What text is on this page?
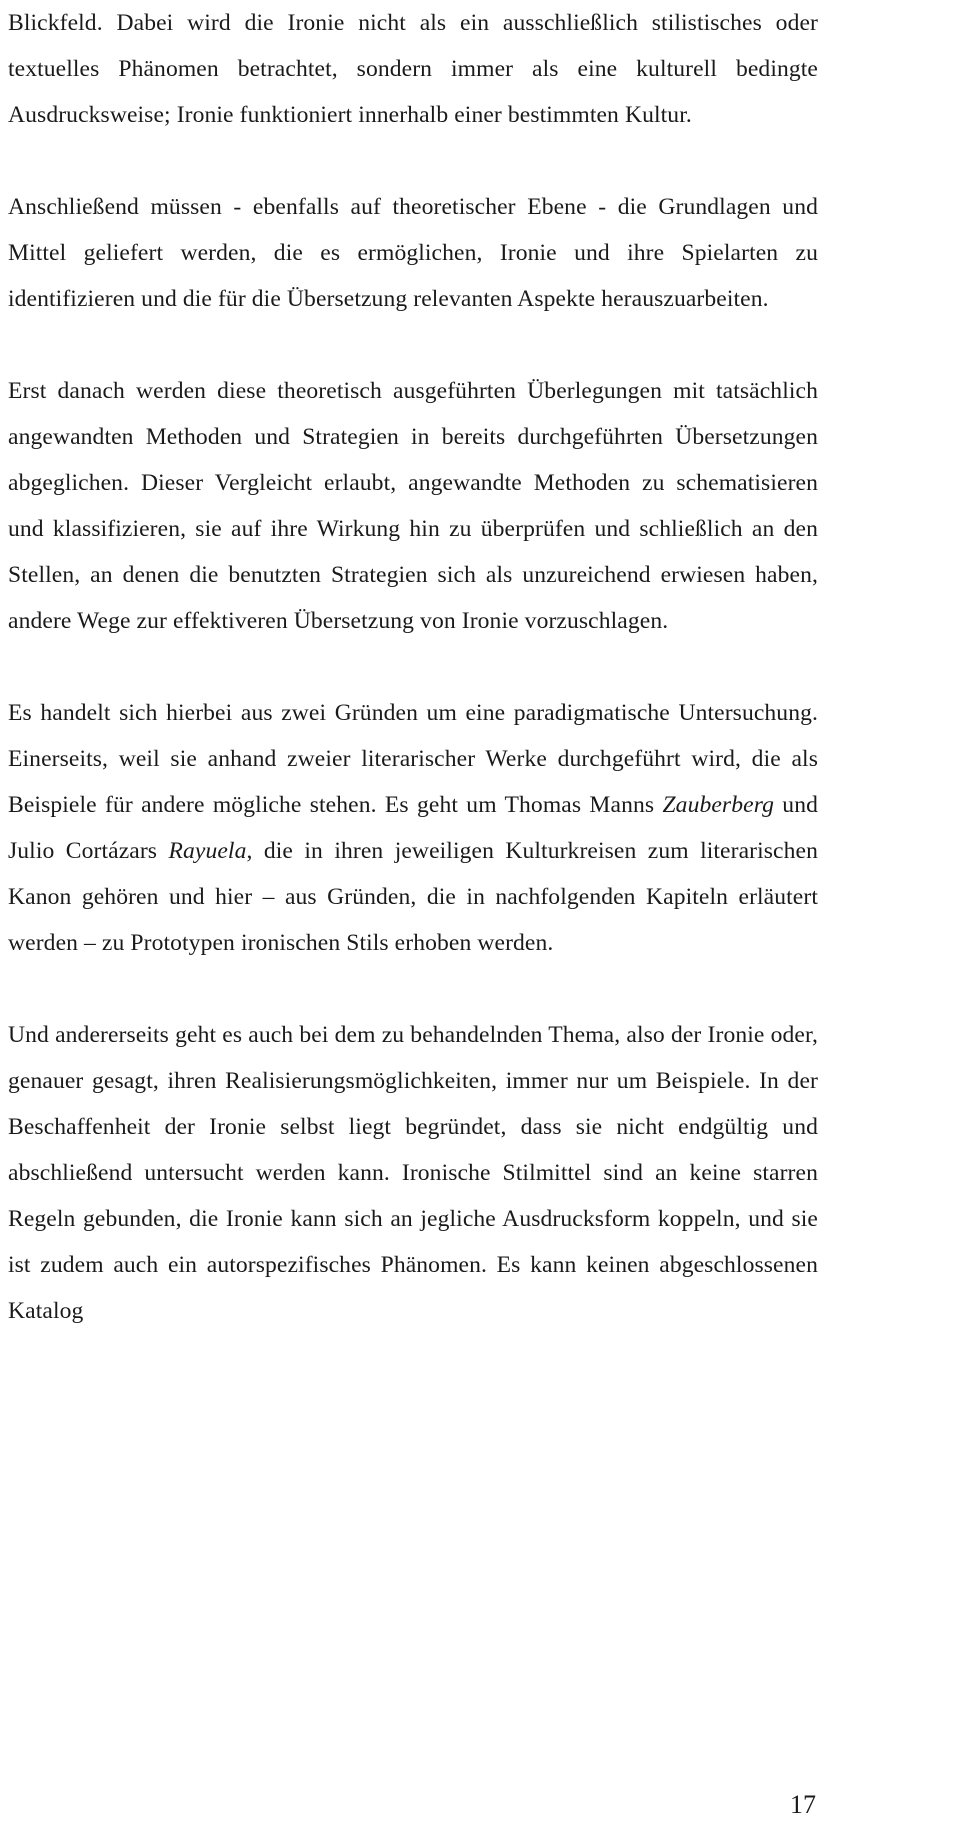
Blickfeld. Dabei wird die Ironie nicht als ein ausschließlich stilistisches oder textuelles Phänomen betrachtet, sondern immer als eine kulturell bedingte Ausdrucksweise; Ironie funktioniert innerhalb einer bestimmten Kultur.

Anschließend müssen - ebenfalls auf theoretischer Ebene - die Grundlagen und Mittel geliefert werden, die es ermöglichen, Ironie und ihre Spielarten zu identifizieren und die für die Übersetzung relevanten Aspekte herauszuarbeiten.

Erst danach werden diese theoretisch ausgeführten Überlegungen mit tatsächlich angewandten Methoden und Strategien in bereits durchgeführten Übersetzungen abgeglichen. Dieser Vergleicht erlaubt, angewandte Methoden zu schematisieren und klassifizieren, sie auf ihre Wirkung hin zu überprüfen und schließlich an den Stellen, an denen die benutzten Strategien sich als unzureichend erwiesen haben, andere Wege zur effektiveren Übersetzung von Ironie vorzuschlagen.

Es handelt sich hierbei aus zwei Gründen um eine paradigmatische Untersuchung. Einerseits, weil sie anhand zweier literarischer Werke durchgeführt wird, die als Beispiele für andere mögliche stehen. Es geht um Thomas Manns Zauberberg und Julio Cortázars Rayuela, die in ihren jeweiligen Kulturkreisen zum literarischen Kanon gehören und hier – aus Gründen, die in nachfolgenden Kapiteln erläutert werden – zu Prototypen ironischen Stils erhoben werden.

Und andererseits geht es auch bei dem zu behandelnden Thema, also der Ironie oder, genauer gesagt, ihren Realisierungsmöglichkeiten, immer nur um Beispiele. In der Beschaffenheit der Ironie selbst liegt begründet, dass sie nicht endgültig und abschließend untersucht werden kann. Ironische Stilmittel sind an keine starren Regeln gebunden, die Ironie kann sich an jegliche Ausdrucksform koppeln, und sie ist zudem auch ein autorspezifisches Phänomen. Es kann keinen abgeschlossenen Katalog

17
